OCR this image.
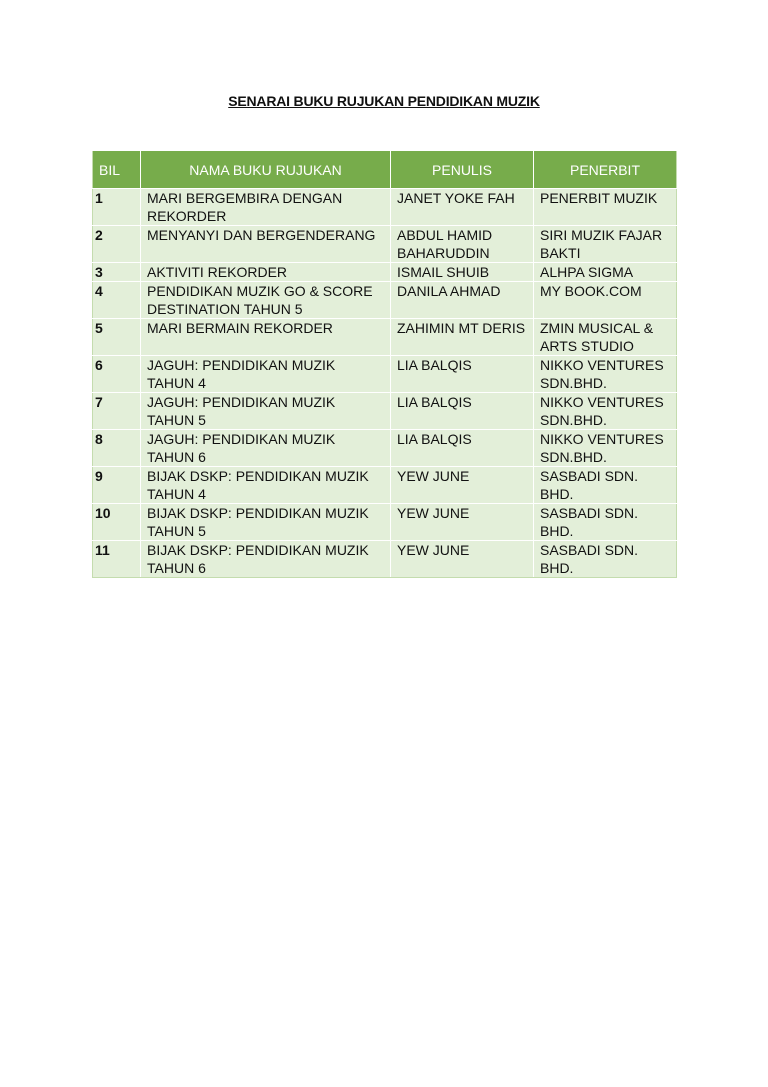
SENARAI BUKU RUJUKAN PENDIDIKAN MUZIK
BIL	NAMA BUKU RUJUKAN	PENULIS	PENERBIT
1	MARI BERGEMBIRA DENGAN REKORDER	JANET YOKE FAH	PENERBIT MUZIK
2	MENYANYI DAN BERGENDERANG	ABDUL HAMID BAHARUDDIN	SIRI MUZIK FAJAR BAKTI
3	AKTIVITI REKORDER	ISMAIL SHUIB	ALHPA SIGMA
4	PENDIDIKAN MUZIK GO & SCORE DESTINATION TAHUN 5	DANILA AHMAD	MY BOOK.COM
5	MARI BERMAIN REKORDER	ZAHIMIN MT DERIS	ZMIN MUSICAL & ARTS STUDIO
6	JAGUH: PENDIDIKAN MUZIK TAHUN 4	LIA BALQIS	NIKKO VENTURES SDN.BHD.
7	JAGUH: PENDIDIKAN MUZIK TAHUN 5	LIA BALQIS	NIKKO VENTURES SDN.BHD.
8	JAGUH: PENDIDIKAN MUZIK TAHUN 6	LIA BALQIS	NIKKO VENTURES SDN.BHD.
9	BIJAK DSKP: PENDIDIKAN MUZIK TAHUN 4	YEW JUNE	SASBADI SDN. BHD.
10	BIJAK DSKP: PENDIDIKAN MUZIK TAHUN 5	YEW JUNE	SASBADI SDN. BHD.
11	BIJAK DSKP: PENDIDIKAN MUZIK TAHUN 6	YEW JUNE	SASBADI SDN. BHD.
